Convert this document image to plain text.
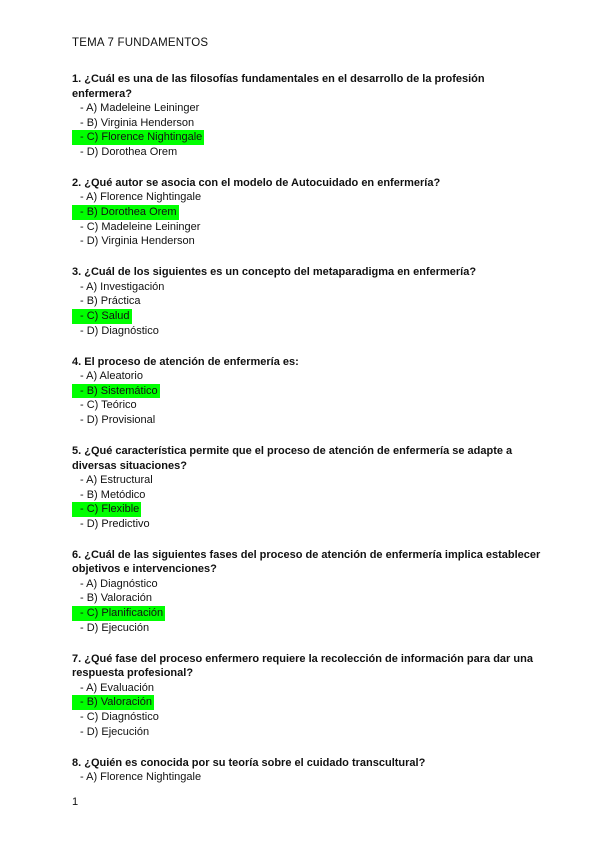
TEMA 7 FUNDAMENTOS
1. ¿Cuál es una de las filosofías fundamentales en el desarrollo de la profesión enfermera?
- A) Madeleine Leininger
- B) Virginia Henderson
- C) Florence Nightingale
- D) Dorothea Orem
2. ¿Qué autor se asocia con el modelo de Autocuidado en enfermería?
- A) Florence Nightingale
- B) Dorothea Orem
- C) Madeleine Leininger
- D) Virginia Henderson
3. ¿Cuál de los siguientes es un concepto del metaparadigma en enfermería?
- A) Investigación
- B) Práctica
- C) Salud
- D) Diagnóstico
4. El proceso de atención de enfermería es:
- A) Aleatorio
- B) Sistemático
- C) Teórico
- D) Provisional
5. ¿Qué característica permite que el proceso de atención de enfermería se adapte a diversas situaciones?
- A) Estructural
- B) Metódico
- C) Flexible
- D) Predictivo
6. ¿Cuál de las siguientes fases del proceso de atención de enfermería implica establecer objetivos e intervenciones?
- A) Diagnóstico
- B) Valoración
- C) Planificación
- D) Ejecución
7. ¿Qué fase del proceso enfermero requiere la recolección de información para dar una respuesta profesional?
- A) Evaluación
- B) Valoración
- C) Diagnóstico
- D) Ejecución
8. ¿Quién es conocida por su teoría sobre el cuidado transcultural?
- A) Florence Nightingale
1
